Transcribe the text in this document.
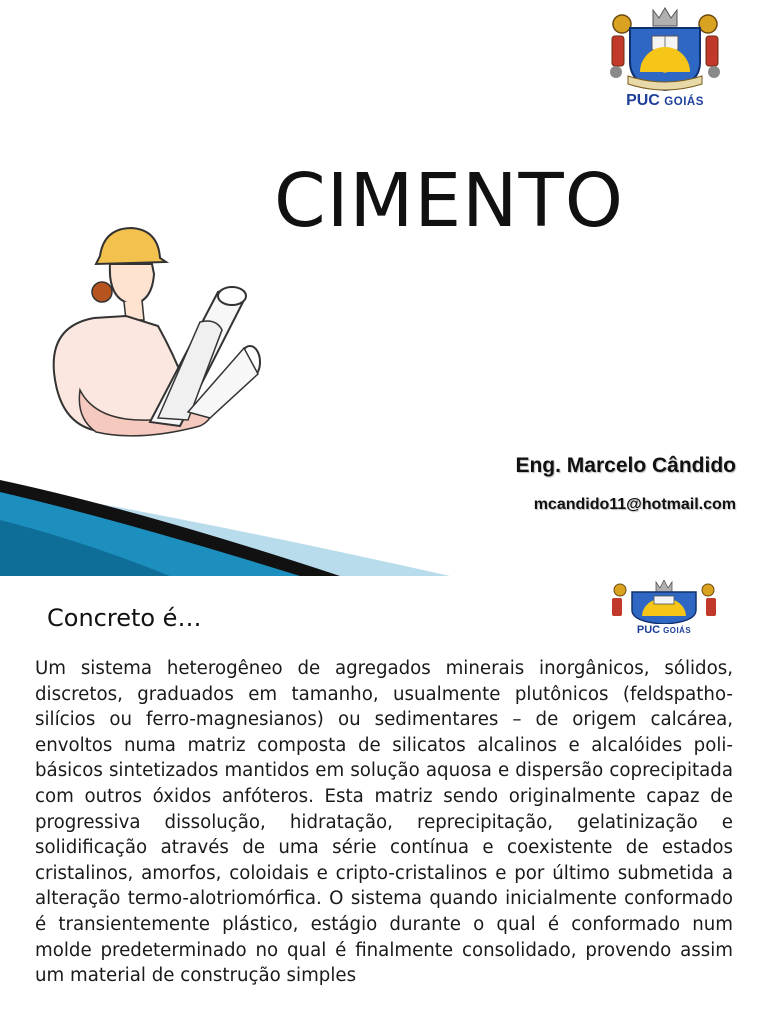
PUC GOIÁS
CIMENTO
Eng. Marcelo Cândido
mcandido11@hotmail.com
PUC GOIÁS
Concreto é…

Um sistema heterogêneo de agregados minerais inorgânicos, sólidos, discretos, graduados em tamanho, usualmente plutônicos (feldspatho-silícios ou ferro-magnesianos) ou sedimentares – de origem calcárea, envoltos numa matriz composta de silicatos alcalinos e alcalóides poli-básicos sintetizados mantidos em solução aquosa e dispersão coprecipitada com outros óxidos anfóteros. Esta matriz sendo originalmente capaz de progressiva dissolução, hidratação, reprecipitação, gelatinização e solidificação através de uma série contínua e coexistente de estados cristalinos, amorfos, coloidais e cripto-cristalinos e por último submetida a alteração termo-alotriomórfica. O sistema quando inicialmente conformado é transientemente plástico, estágio durante o qual é conformado num molde predeterminado no qual é finalmente consolidado, provendo assim um material de construção simples
